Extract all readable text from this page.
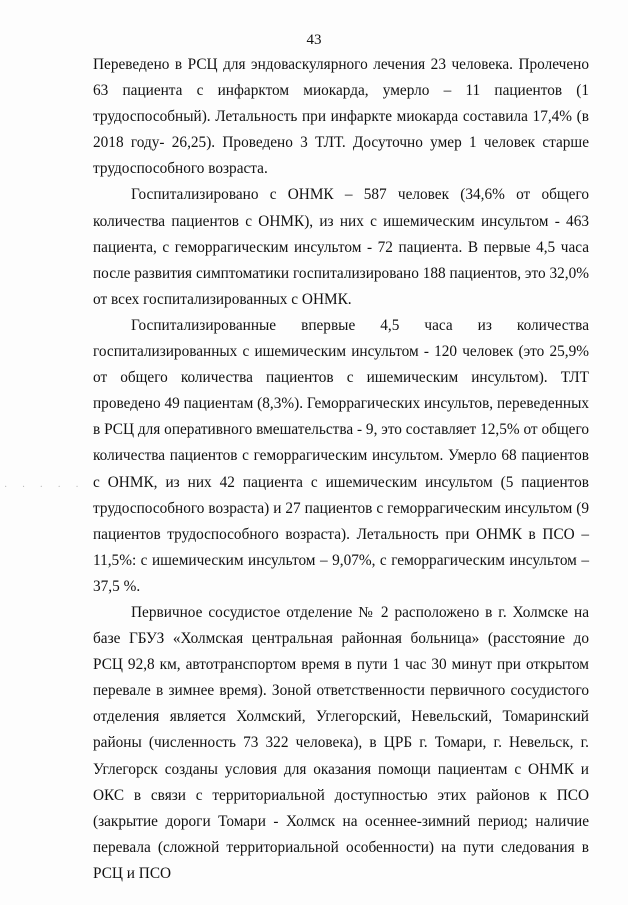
43

Переведено в РСЦ для эндоваскулярного лечения 23 человека. Пролечено 63 пациента с инфарктом миокарда, умерло – 11 пациентов (1 трудоспособный). Летальность при инфаркте миокарда составила 17,4% (в 2018 году- 26,25). Проведено 3 ТЛТ. Досуточно умер 1 человек старше трудоспособного возраста.

Госпитализировано с ОНМК – 587 человек (34,6% от общего количества пациентов с ОНМК), из них с ишемическим инсультом - 463 пациента, с геморрагическим инсультом - 72 пациента. В первые 4,5 часа после развития симптоматики госпитализировано 188 пациентов, это 32,0% от всех госпитализированных с ОНМК.

Госпитализированные впервые 4,5 часа из количества госпитализированных с ишемическим инсультом - 120 человек (это 25,9% от общего количества пациентов с ишемическим инсультом). ТЛТ проведено 49 пациентам (8,3%). Геморрагических инсультов, переведенных в РСЦ для оперативного вмешательства - 9, это составляет 12,5% от общего количества пациентов с геморрагическим инсультом. Умерло 68 пациентов с ОНМК, из них 42 пациента с ишемическим инсультом (5 пациентов трудоспособного возраста) и 27 пациентов с геморрагическим инсультом (9 пациентов трудоспособного возраста). Летальность при ОНМК в ПСО – 11,5%: с ишемическим инсультом – 9,07%, с геморрагическим инсультом – 37,5 %.

Первичное сосудистое отделение № 2 расположено в г. Холмске на базе ГБУЗ «Холмская центральная районная больница» (расстояние до РСЦ 92,8 км, автотранспортом время в пути 1 час 30 минут при открытом перевале в зимнее время). Зоной ответственности первичного сосудистого отделения является Холмский, Углегорский, Невельский, Томаринский районы (численность 73 322 человека), в ЦРБ г. Томари, г. Невельск, г. Углегорск созданы условия для оказания помощи пациентам с ОНМК и ОКС в связи с территориальной доступностью этих районов к ПСО (закрытие дороги Томари - Холмск на осеннее-зимний период; наличие перевала (сложной территориальной особенности) на пути следования в РСЦ и ПСО

· · · · ·
